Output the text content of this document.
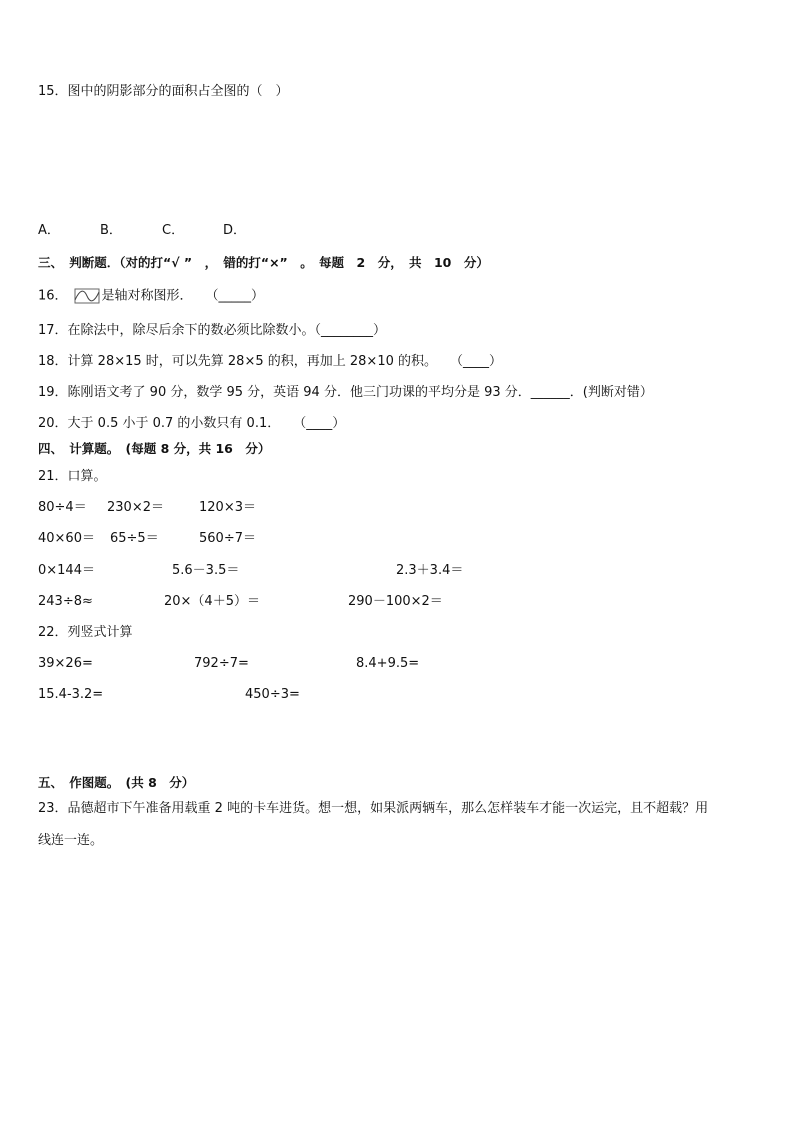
15．图中的阴影部分的面积占全图的（　）
A．	B．	C．	D．
三、　判断题．（对的打“√ ”　，　错的打“×”　。　每题　2　分，　共　10　分）
16．	是轴对称图形．　　（_____）
17．在除法中，除尽后余下的数必须比除数小。（________）
18．计算 28×15 时，可以先算 28×5 的积，再加上 28×10 的积。　　（____）
19．陈刚语文考了 90 分，数学 95 分，英语 94 分．他三门功课的平均分是 93 分．______．(判断对错）
20．大于 0.5 小于 0.7 的小数只有 0.1．　　（____）
四、　计算题。　(每题 8 分，共 16　分）
21．口算。
80÷4＝ 230×2＝	120×3＝
40×60＝ 65÷5＝	560÷7＝
0×144＝	5.6－3.5＝	2.3＋3.4＝
243÷8≈	20×（4＋5）＝	290－100×2＝
22．列竖式计算
39×26=	792÷7=	8.4+9.5=
15.4-3.2=	450÷3=
五、　作图题。　(共 8　分）
23．品德超市下午准备用载重 2 吨的卡车进货。想一想，如果派两辆车，那么怎样装车才能一次运完，且不超载？用
线连一连。
